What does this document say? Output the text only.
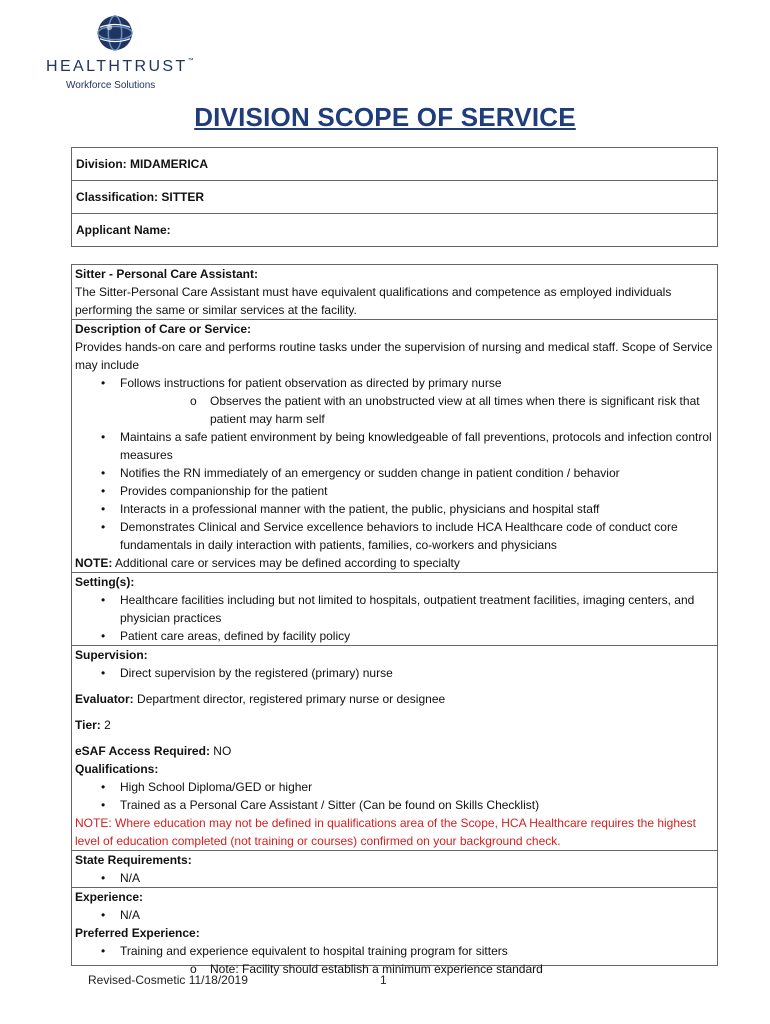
HEALTHTRUST™
Workforce Solutions
DIVISION SCOPE OF SERVICE
Division: MIDAMERICA
Classification: SITTER
Applicant Name:

Sitter - Personal Care Assistant:

The Sitter-Personal Care Assistant must have equivalent qualifications and competence as employed individuals performing the same or similar services at the facility.

Description of Care or Service:

Provides hands-on care and performs routine tasks under the supervision of nursing and medical staff. Scope of Service may include

• Follows instructions for patient observation as directed by primary nurse
o Observes the patient with an unobstructed view at all times when there is significant risk that patient may harm self
• Maintains a safe patient environment by being knowledgeable of fall preventions, protocols and infection control measures
• Notifies the RN immediately of an emergency or sudden change in patient condition / behavior
• Provides companionship for the patient
• Interacts in a professional manner with the patient, the public, physicians and hospital staff
• Demonstrates Clinical and Service excellence behaviors to include HCA Healthcare code of conduct core fundamentals in daily interaction with patients, families, co-workers and physicians

NOTE: Additional care or services may be defined according to specialty

Setting(s):

• Healthcare facilities including but not limited to hospitals, outpatient treatment facilities, imaging centers, and physician practices
• Patient care areas, defined by facility policy

Supervision:

• Direct supervision by the registered (primary) nurse

Evaluator: Department director, registered primary nurse or designee

Tier: 2

eSAF Access Required: NO

Qualifications:

• High School Diploma/GED or higher
• Trained as a Personal Care Assistant / Sitter (Can be found on Skills Checklist)

NOTE: Where education may not be defined in qualifications area of the Scope, HCA Healthcare requires the highest level of education completed (not training or courses) confirmed on your background check.

State Requirements:

• N/A

Experience:

• N/A

Preferred Experience:

• Training and experience equivalent to hospital training program for sitters
o Note: Facility should establish a minimum experience standard
Revised-Cosmetic 11/18/2019	1
